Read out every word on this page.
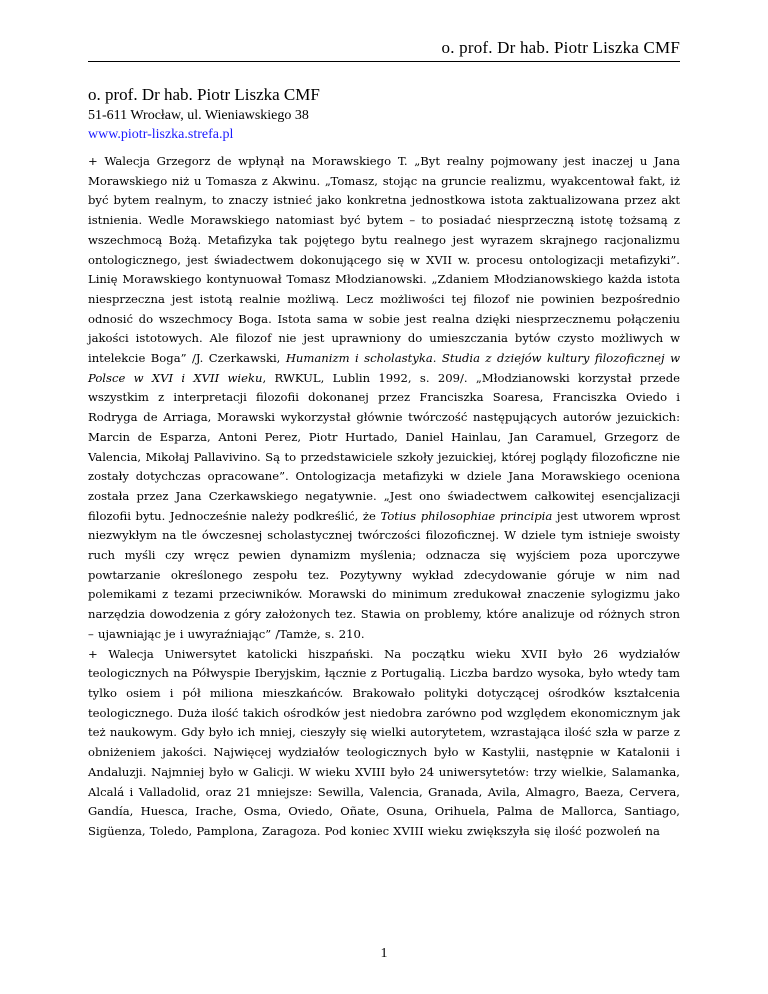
o. prof. Dr hab. Piotr Liszka CMF
o. prof. Dr hab. Piotr Liszka CMF
51-611 Wrocław, ul. Wieniawskiego 38
www.piotr-liszka.strefa.pl

+ Walecja Grzegorz de wpłynął na Morawskiego T. „Byt realny pojmowany jest inaczej u Jana Morawskiego niż u Tomasza z Akwinu. „Tomasz, stojąc na gruncie realizmu, wyakcentował fakt, iż być bytem realnym, to znaczy istnieć jako konkretna jednostkowa istota zaktualizowana przez akt istnienia. Wedle Morawskiego natomiast być bytem – to posiadać niesprzeczną istotę tożsamą z wszechmocą Bożą. Metafizyka tak pojętego bytu realnego jest wyrazem skrajnego racjonalizmu ontologicznego, jest świadectwem dokonującego się w XVII w. procesu ontologizacji metafizyki”. Linię Morawskiego kontynuował Tomasz Młodzianowski. „Zdaniem Młodzianowskiego każda istota niesprzeczna jest istotą realnie możliwą. Lecz możliwości tej filozof nie powinien bezpośrednio odnosić do wszechmocy Boga. Istota sama w sobie jest realna dzięki niesprzecznemu połączeniu jakości istotowych. Ale filozof nie jest uprawniony do umieszczania bytów czysto możliwych w intelekcie Boga” /J. Czerkawski, Humanizm i scholastyka. Studia z dziejów kultury filozoficznej w Polsce w XVI i XVII wieku, RWKUL, Lublin 1992, s. 209/. „Młodzianowski korzystał przede wszystkim z interpretacji filozofii dokonanej przez Franciszka Soaresa, Franciszka Oviedo i Rodryga de Arriaga, Morawski wykorzystał głównie twórczość następujących autorów jezuickich: Marcin de Esparza, Antoni Perez, Piotr Hurtado, Daniel Hainlau, Jan Caramuel, Grzegorz de Valencia, Mikołaj Pallavivino. Są to przedstawiciele szkoły jezuickiej, której poglądy filozoficzne nie zostały dotychczas opracowane”. Ontologizacja metafizyki w dziele Jana Morawskiego oceniona została przez Jana Czerkawskiego negatywnie. „Jest ono świadectwem całkowitej esencjalizacji filozofii bytu. Jednocześnie należy podkreślić, że Totius philosophiae principia jest utworem wprost niezwykłym na tle ówczesnej scholastycznej twórczości filozoficznej. W dziele tym istnieje swoisty ruch myśli czy wręcz pewien dynamizm myślenia; odznacza się wyjściem poza uporczywe powtarzanie określonego zespołu tez. Pozytywny wykład zdecydowanie góruje w nim nad polemikami z tezami przeciwników. Morawski do minimum zredukował znaczenie sylogizmu jako narzędzia dowodzenia z góry założonych tez. Stawia on problemy, które analizuje od różnych stron – ujawniając je i uwyraźniając” /Tamże, s. 210.

+ Walecja Uniwersytet katolicki hiszpański. Na początku wieku XVII było 26 wydziałów teologicznych na Półwyspie Iberyjskim, łącznie z Portugalią. Liczba bardzo wysoka, było wtedy tam tylko osiem i pół miliona mieszkańców. Brakowało polityki dotyczącej ośrodków kształcenia teologicznego. Duża ilość takich ośrodków jest niedobra zarówno pod względem ekonomicznym jak też naukowym. Gdy było ich mniej, cieszyły się wielki autorytetem, wzrastająca ilość szła w parze z obniżeniem jakości. Najwięcej wydziałów teologicznych było w Kastylii, następnie w Katalonii i Andaluzji. Najmniej było w Galicji. W wieku XVIII było 24 uniwersytetów: trzy wielkie, Salamanka, Alcalá i Valladolid, oraz 21 mniejsze: Sewilla, Valencia, Granada, Avila, Almagro, Baeza, Cervera, Gandía, Huesca, Irache, Osma, Oviedo, Oñate, Osuna, Orihuela, Palma de Mallorca, Santiago, Sigüenza, Toledo, Pamplona, Zaragoza. Pod koniec XVIII wieku zwiększyła się ilość pozwoleń na

1
